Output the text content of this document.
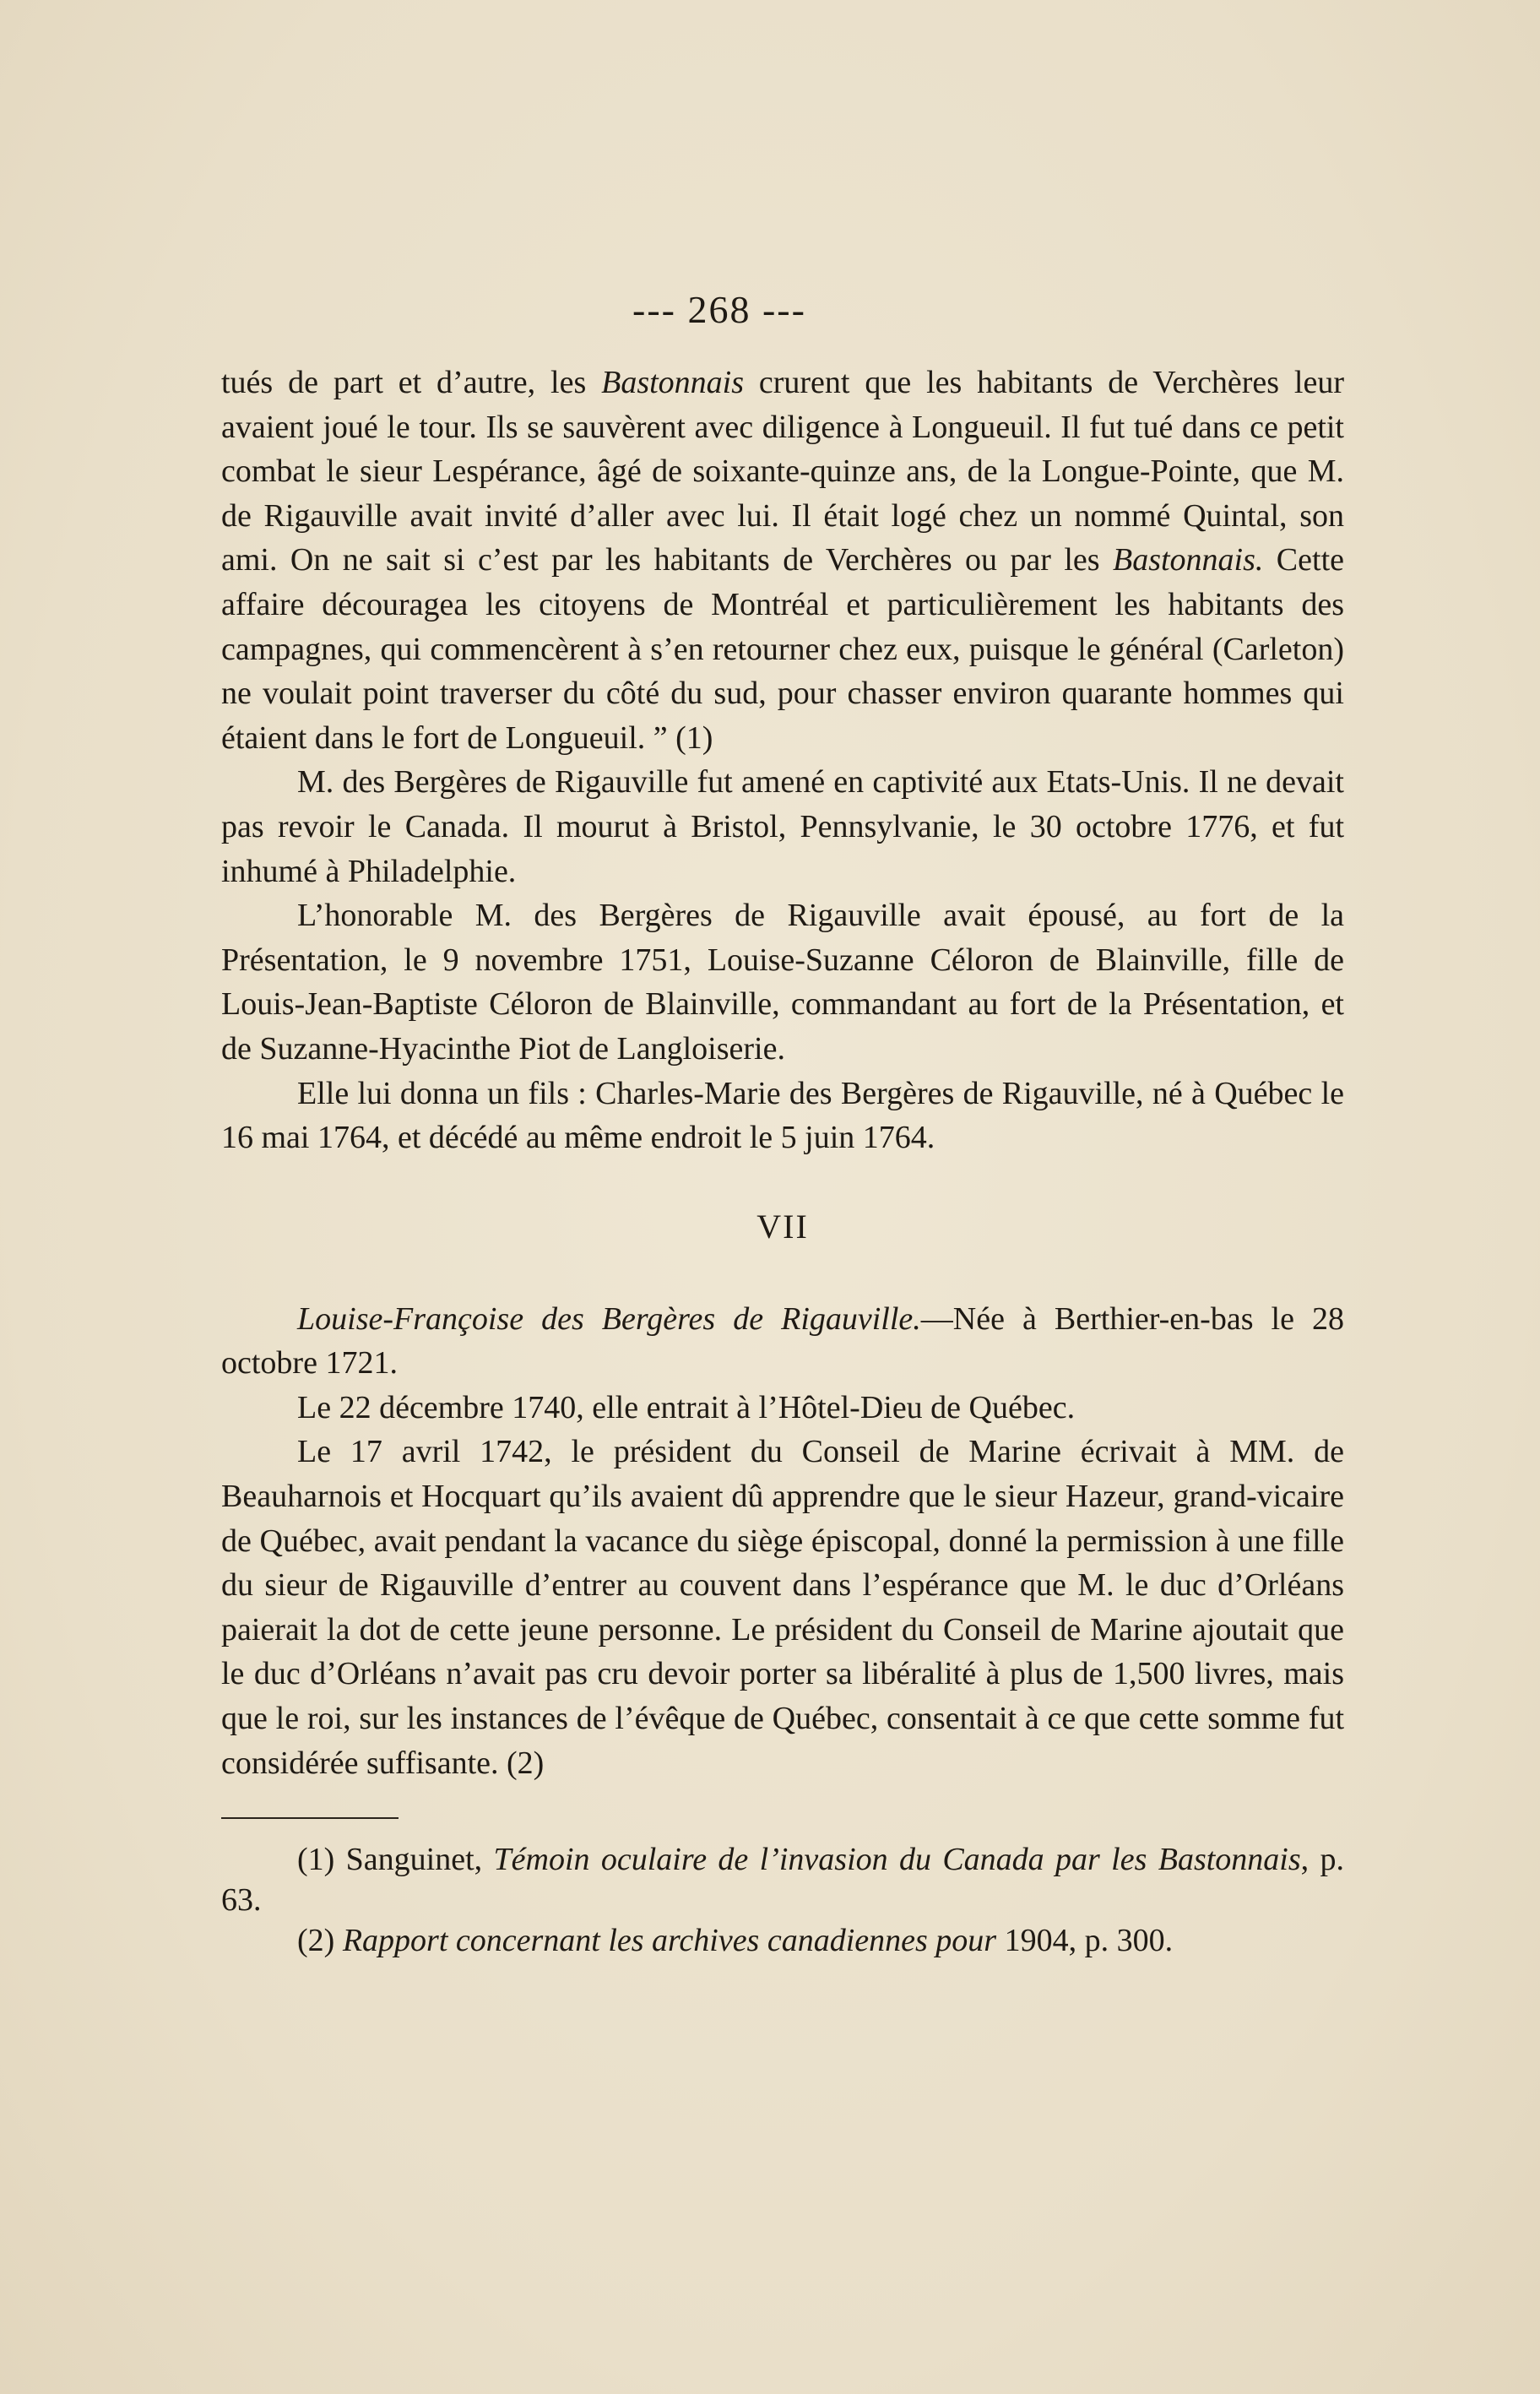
--- 268 ---

tués de part et d’autre, les Bastonnais crurent que les habitants de Verchères leur avaient joué le tour. Ils se sauvèrent avec diligence à Longueuil. Il fut tué dans ce petit combat le sieur Lespérance, âgé de soixante-quinze ans, de la Longue-Pointe, que M. de Rigauville avait invité d’aller avec lui. Il était logé chez un nommé Quintal, son ami. On ne sait si c’est par les habitants de Verchères ou par les Bastonnais. Cette affaire découragea les citoyens de Montréal et particulièrement les habitants des campagnes, qui commencèrent à s’en retourner chez eux, puisque le général (Carleton) ne voulait point traverser du côté du sud, pour chasser environ quarante hommes qui étaient dans le fort de Longueuil. ” (1)

M. des Bergères de Rigauville fut amené en captivité aux Etats-Unis. Il ne devait pas revoir le Canada. Il mourut à Bristol, Pennsylvanie, le 30 octobre 1776, et fut inhumé à Philadelphie.

L’honorable M. des Bergères de Rigauville avait épousé, au fort de la Présentation, le 9 novembre 1751, Louise-Suzanne Céloron de Blainville, fille de Louis-Jean-Baptiste Céloron de Blainville, commandant au fort de la Présentation, et de Suzanne-Hyacinthe Piot de Langloiserie.

Elle lui donna un fils : Charles-Marie des Bergères de Rigauville, né à Québec le 16 mai 1764, et décédé au même endroit le 5 juin 1764.

VII

Louise-Françoise des Bergères de Rigauville.—Née à Berthier-en-bas le 28 octobre 1721.

Le 22 décembre 1740, elle entrait à l’Hôtel-Dieu de Québec.

Le 17 avril 1742, le président du Conseil de Marine écrivait à MM. de Beauharnois et Hocquart qu’ils avaient dû apprendre que le sieur Hazeur, grand-vicaire de Québec, avait pendant la vacance du siège épiscopal, donné la permission à une fille du sieur de Rigauville d’entrer au couvent dans l’espérance que M. le duc d’Orléans paierait la dot de cette jeune personne. Le président du Conseil de Marine ajoutait que le duc d’Orléans n’avait pas cru devoir porter sa libéralité à plus de 1,500 livres, mais que le roi, sur les instances de l’évêque de Québec, consentait à ce que cette somme fut considérée suffisante. (2)

(1) Sanguinet, Témoin oculaire de l’invasion du Canada par les Bastonnais, p. 63.

(2) Rapport concernant les archives canadiennes pour 1904, p. 300.
